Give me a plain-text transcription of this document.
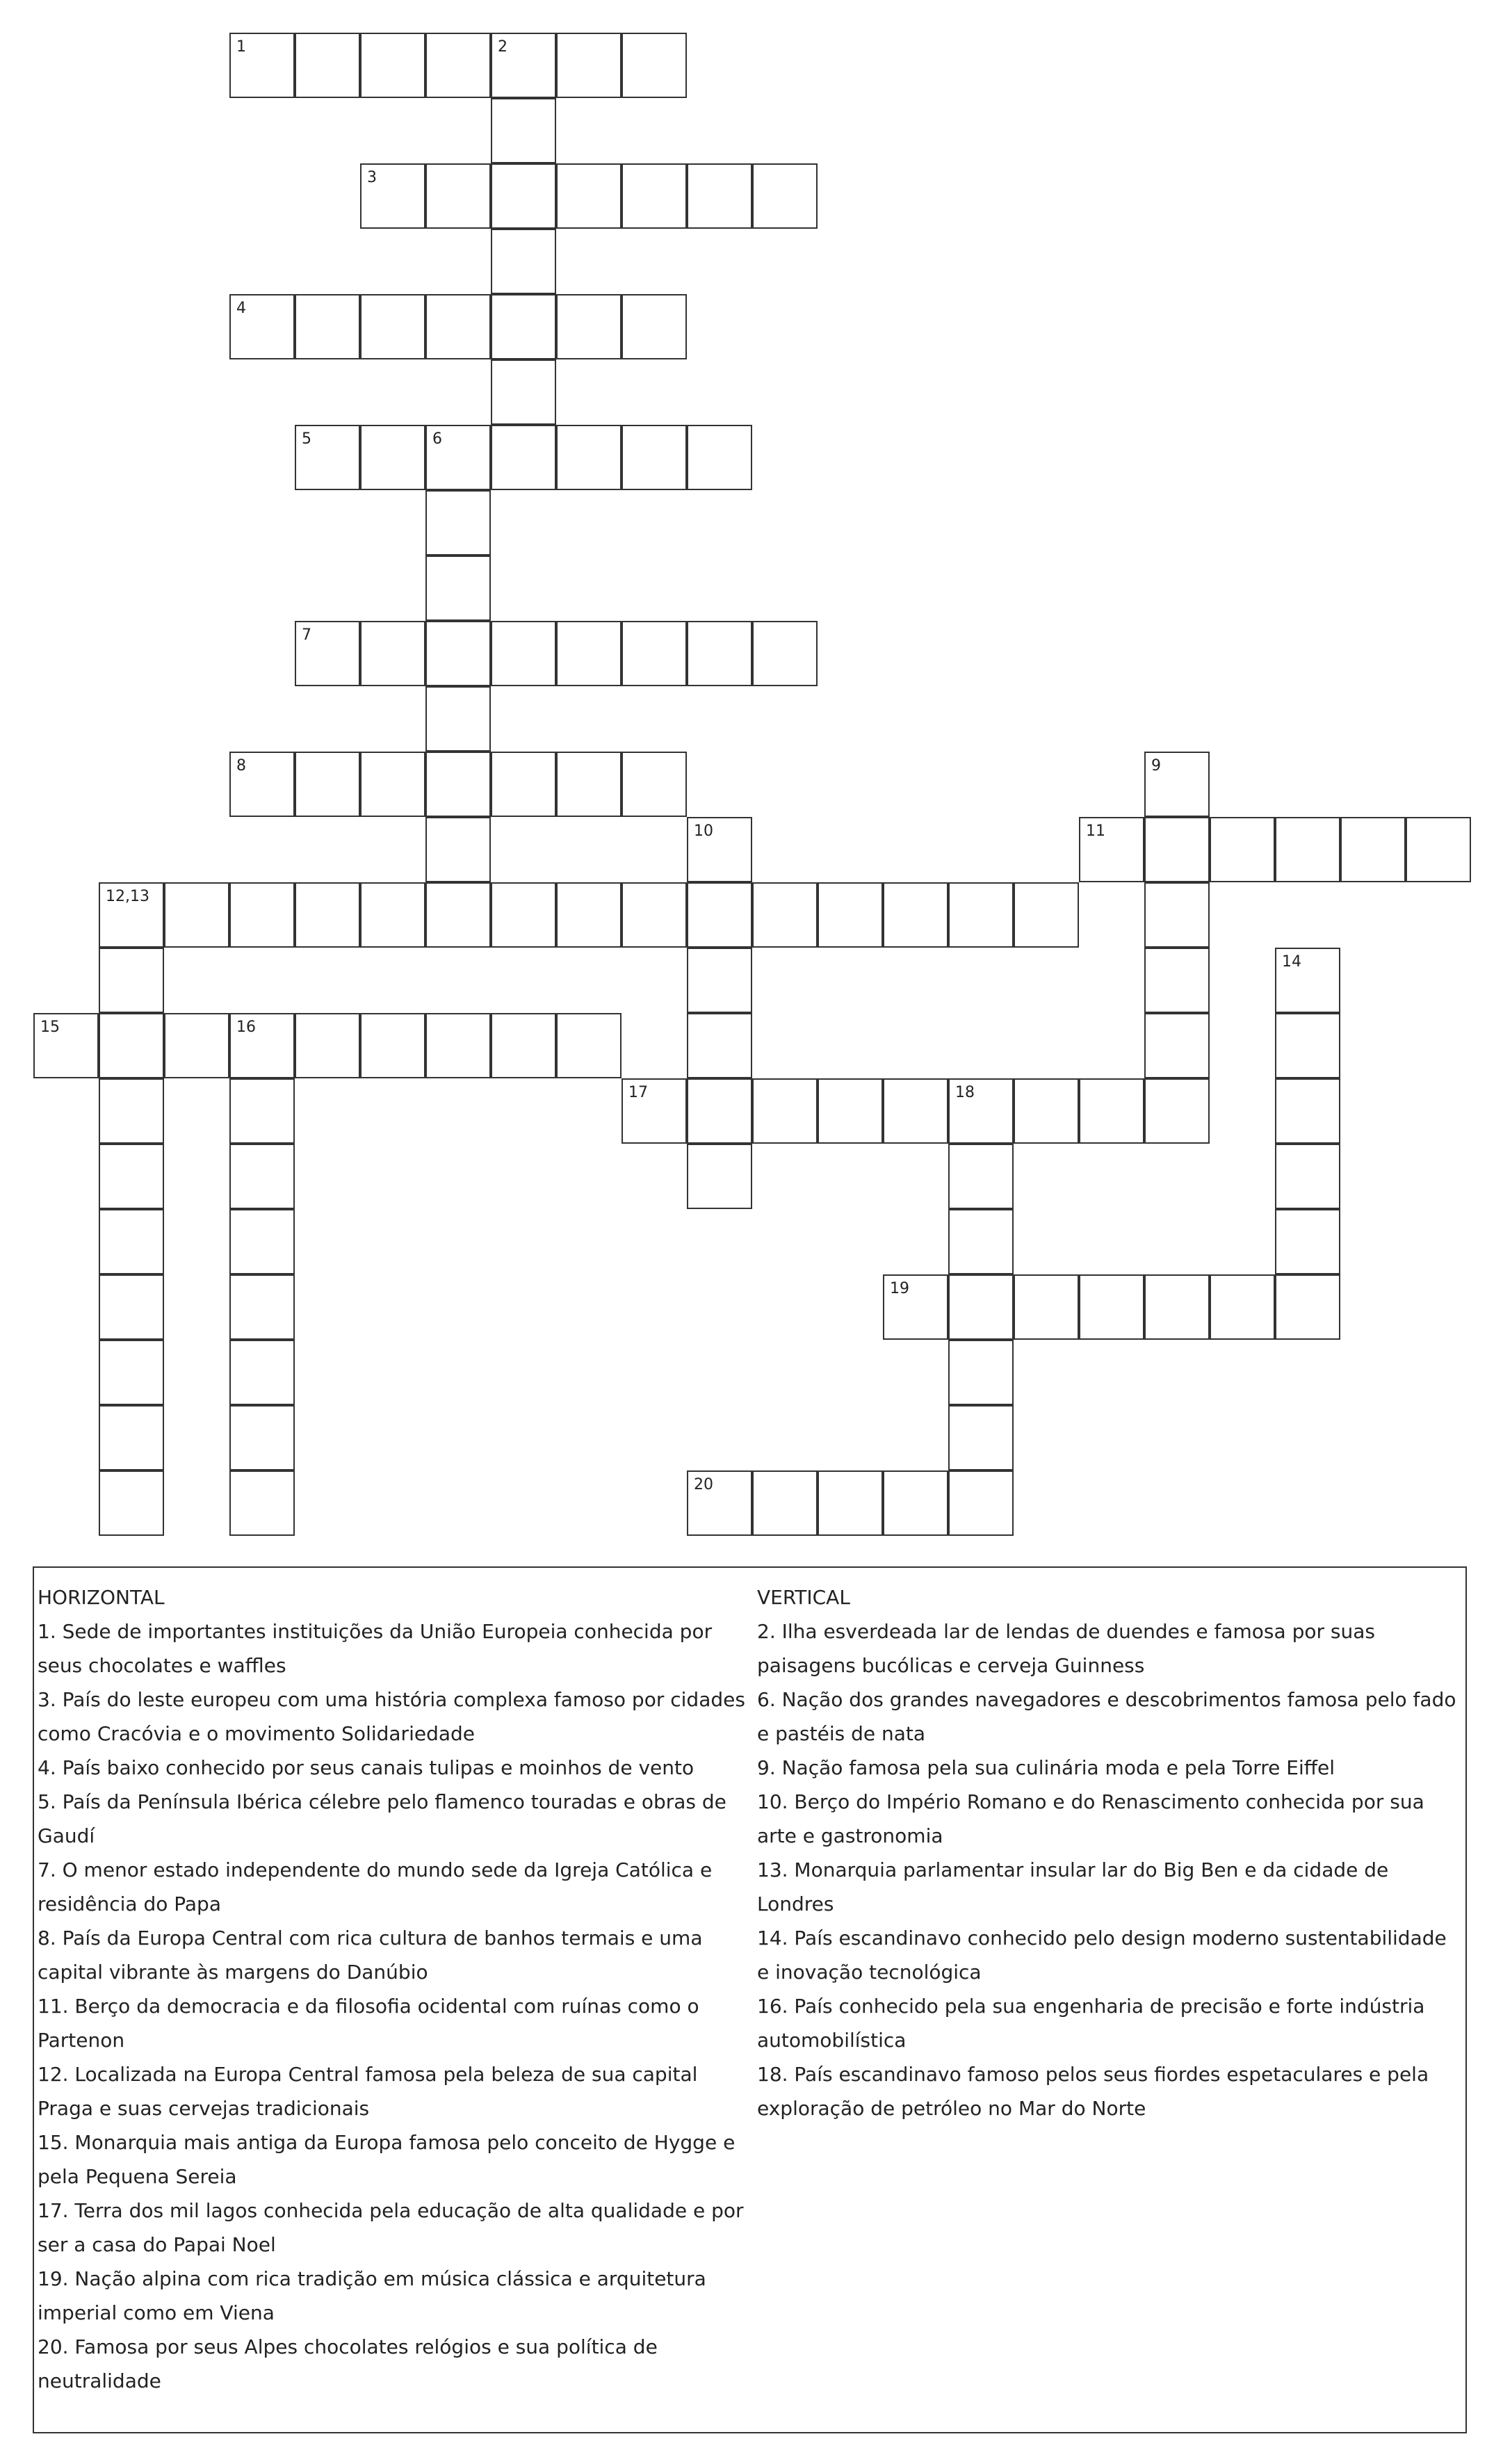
1	2
3
4
5	6
7
8	9
10	11
12,13
14
15	16
17	18
19
20

HORIZONTAL

1. Sede de importantes instituições da União Europeia conhecida por seus chocolates e waffles

3. País do leste europeu com uma história complexa famoso por cidades como Cracóvia e o movimento Solidariedade

4. País baixo conhecido por seus canais tulipas e moinhos de vento

5. País da Península Ibérica célebre pelo flamenco touradas e obras de Gaudí

7. O menor estado independente do mundo sede da Igreja Católica e residência do Papa

8. País da Europa Central com rica cultura de banhos termais e uma capital vibrante às margens do Danúbio

11. Berço da democracia e da filosofia ocidental com ruínas como o Partenon

12. Localizada na Europa Central famosa pela beleza de sua capital Praga e suas cervejas tradicionais

15. Monarquia mais antiga da Europa famosa pelo conceito de Hygge e pela Pequena Sereia

17. Terra dos mil lagos conhecida pela educação de alta qualidade e por ser a casa do Papai Noel

19. Nação alpina com rica tradição em música clássica e arquitetura imperial como em Viena

20. Famosa por seus Alpes chocolates relógios e sua política de neutralidade

VERTICAL

2. Ilha esverdeada lar de lendas de duendes e famosa por suas paisagens bucólicas e cerveja Guinness

6. Nação dos grandes navegadores e descobrimentos famosa pelo fado e pastéis de nata

9. Nação famosa pela sua culinária moda e pela Torre Eiffel

10. Berço do Império Romano e do Renascimento conhecida por sua arte e gastronomia

13. Monarquia parlamentar insular lar do Big Ben e da cidade de Londres

14. País escandinavo conhecido pelo design moderno sustentabilidade e inovação tecnológica

16. País conhecido pela sua engenharia de precisão e forte indústria automobilística

18. País escandinavo famoso pelos seus fiordes espetaculares e pela exploração de petróleo no Mar do Norte
